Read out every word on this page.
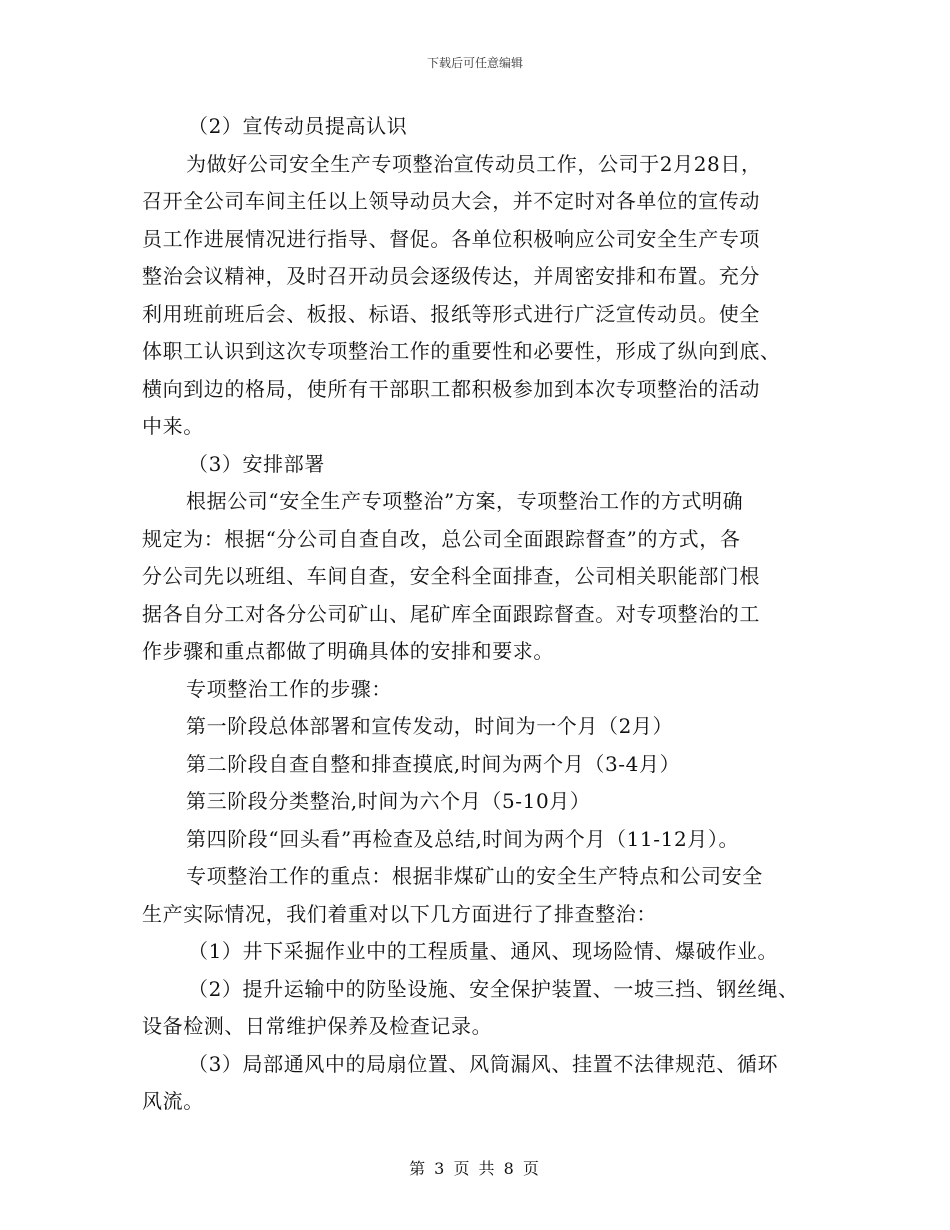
下载后可任意编辑
（2）宣传动员提高认识
为做好公司安全生产专项整治宣传动员工作，公司于2月28日，
召开全公司车间主任以上领导动员大会，并不定时对各单位的宣传动
员工作进展情况进行指导、督促。各单位积极响应公司安全生产专项
整治会议精神，及时召开动员会逐级传达，并周密安排和布置。充分
利用班前班后会、板报、标语、报纸等形式进行广泛宣传动员。使全
体职工认识到这次专项整治工作的重要性和必要性，形成了纵向到底、
横向到边的格局，使所有干部职工都积极参加到本次专项整治的活动
中来。
（3）安排部署
根据公司“安全生产专项整治”方案，专项整治工作的方式明确
规定为：根据“分公司自查自改，总公司全面跟踪督查”的方式，各
分公司先以班组、车间自查，安全科全面排查，公司相关职能部门根
据各自分工对各分公司矿山、尾矿库全面跟踪督查。对专项整治的工
作步骤和重点都做了明确具体的安排和要求。
专项整治工作的步骤：
第一阶段总体部署和宣传发动，时间为一个月（2月）
第二阶段自查自整和排查摸底,时间为两个月（3-4月）
第三阶段分类整治,时间为六个月（5-10月）
第四阶段“回头看”再检查及总结,时间为两个月（11-12月）。
专项整治工作的重点：根据非煤矿山的安全生产特点和公司安全
生产实际情况，我们着重对以下几方面进行了排查整治：
（1）井下采掘作业中的工程质量、通风、现场险情、爆破作业。
（2）提升运输中的防坠设施、安全保护装置、一坡三挡、钢丝绳、
设备检测、日常维护保养及检查记录。
（3）局部通风中的局扇位置、风筒漏风、挂置不法律规范、循环
风流。
第 3 页 共 8 页
